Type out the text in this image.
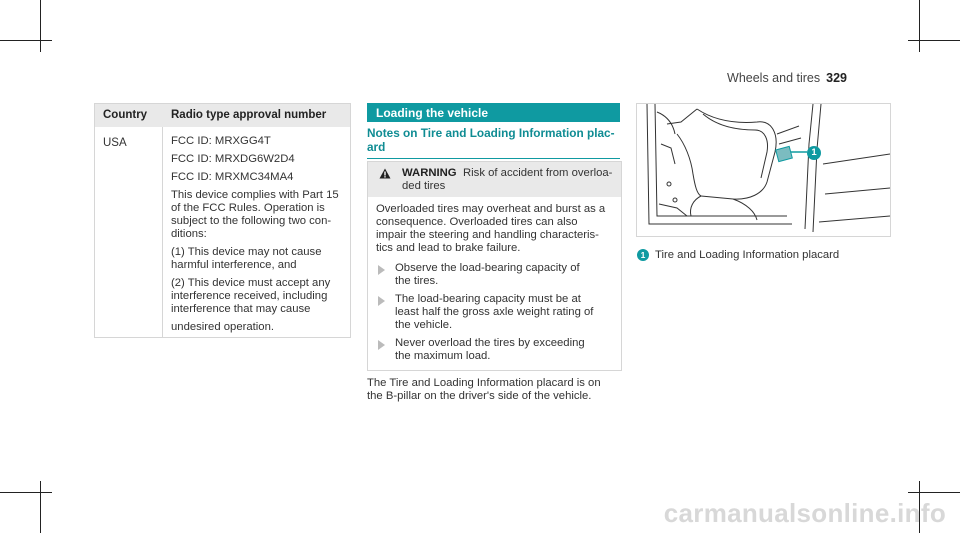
Wheels and tires 329
Country Radio type approval number
USA	FCC ID: MRXGG4T
FCC ID: MRXDG6W2D4
FCC ID: MRXMC34MA4
This device complies with Part 15
of the FCC Rules. Operation is
subject to the following two con-
ditions:
(1) This device may not cause
harmful interference, and
(2) This device must accept any
interference received, including
interference that may cause
undesired operation.
Loading the vehicle
Notes on Tire and Loading Information plac-
ard
WARNING Risk of accident from overloa-
ded tires
Overloaded tires may overheat and burst as a
consequence. Overloaded tires can also
impair the steering and handling characteris-
tics and lead to brake failure.
Observe the load-bearing capacity of
the tires.
The load-bearing capacity must be at
least half the gross axle weight rating of
the vehicle.
Never overload the tires by exceeding
the maximum load.
The Tire and Loading Information placard is on
the B-pillar on the driver's side of the vehicle.
1
1 Tire and Loading Information placard
carmanualsonline.info
